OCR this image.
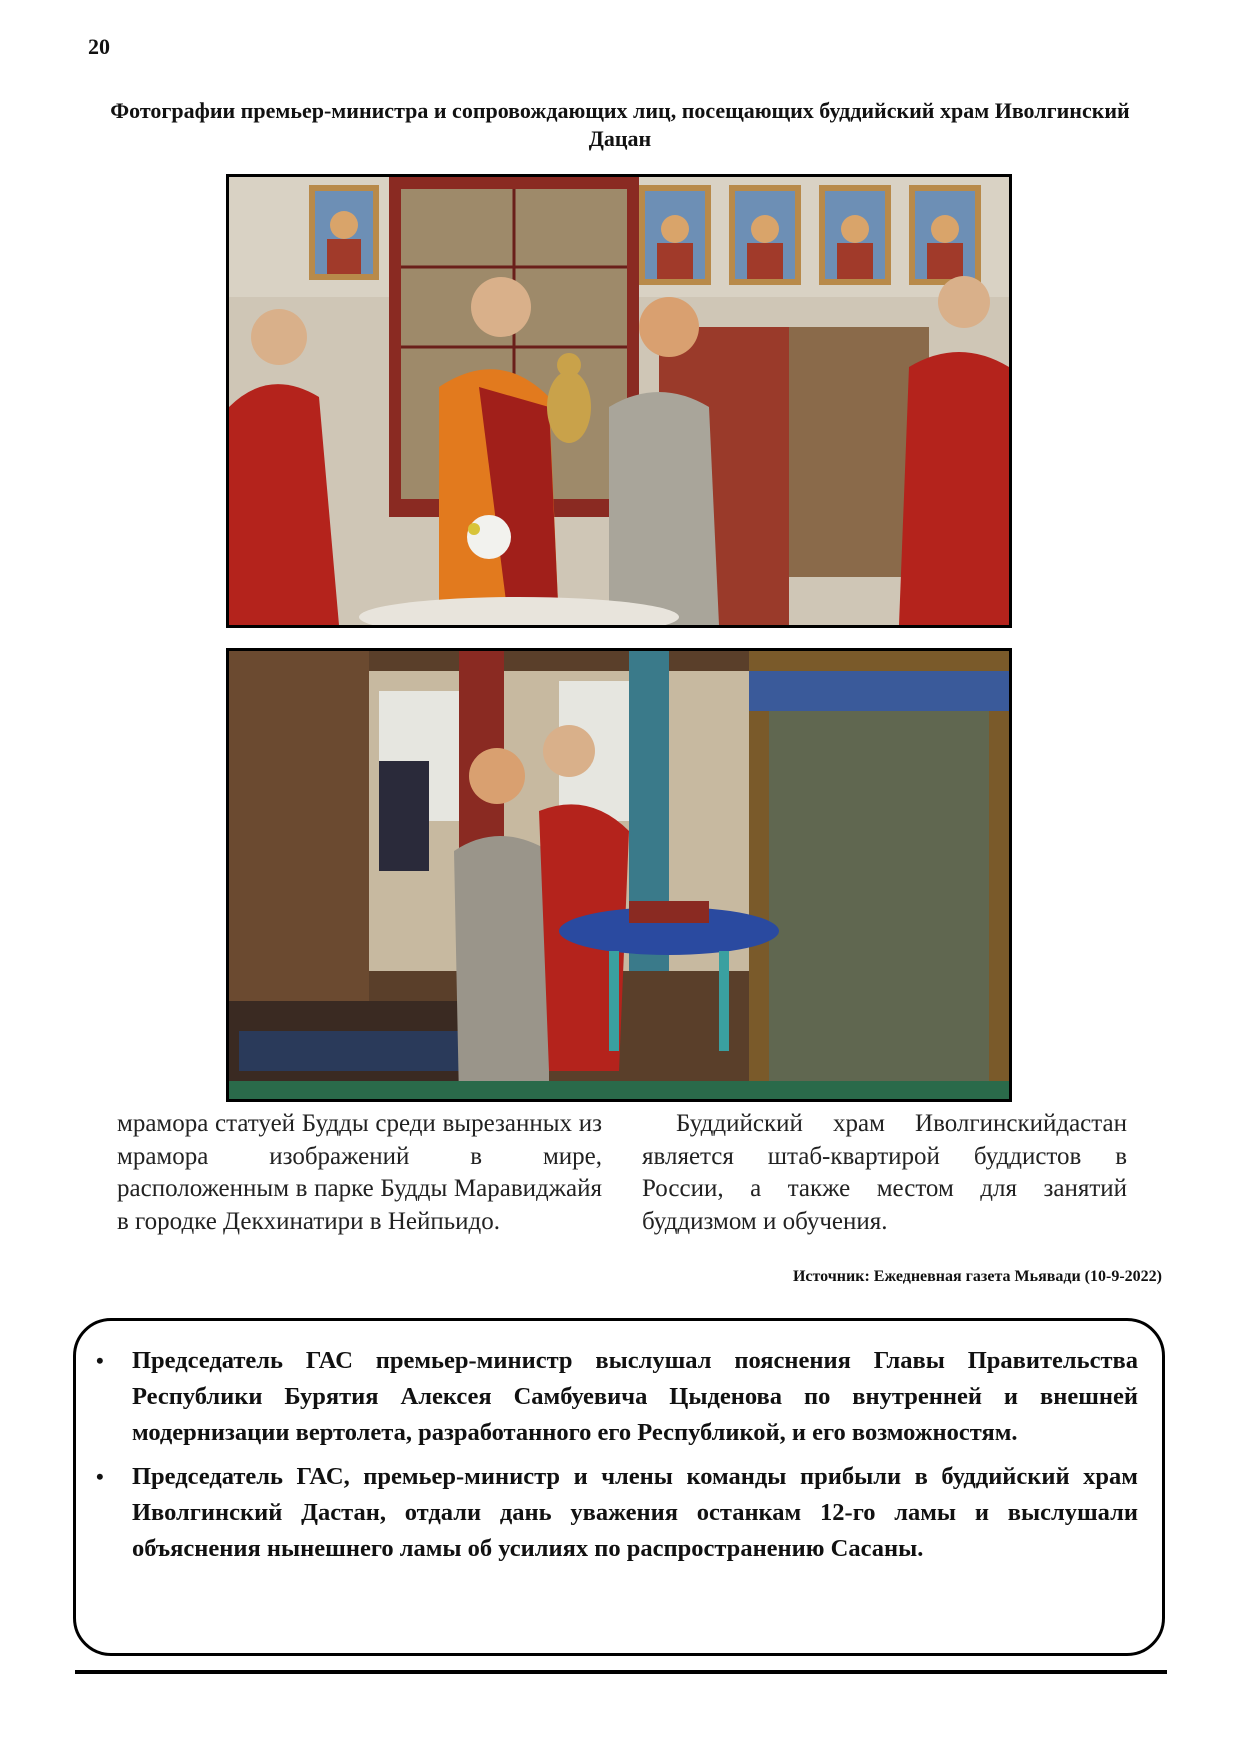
20
Фотографии премьер-министра и сопровождающих лиц, посещающих буддийский храм Иволгинский Дацан
мрамора статуей Будды среди вырезанных из мрамора изображений в мире, расположенным в парке Будды Маравиджайя в городке Декхинатири в Нейпьидо.
Буддийский храм Иволгинскийдастан является штаб-квартирой буддистов в России, а также местом для занятий буддизмом и обучения.
Источник: Ежедневная газета Мьявади (10-9-2022)
• Председатель ГАС премьер-министр выслушал пояснения Главы Правительства Республики Бурятия Алексея Самбуевича Цыденова по внутренней и внешней модернизации вертолета, разработанного его Республикой, и его возможностям.
• Председатель ГАС, премьер-министр и члены команды прибыли в буддийский храм Иволгинский Дастан, отдали дань уважения останкам 12-го ламы и выслушали объяснения нынешнего ламы об усилиях по распространению Сасаны.
